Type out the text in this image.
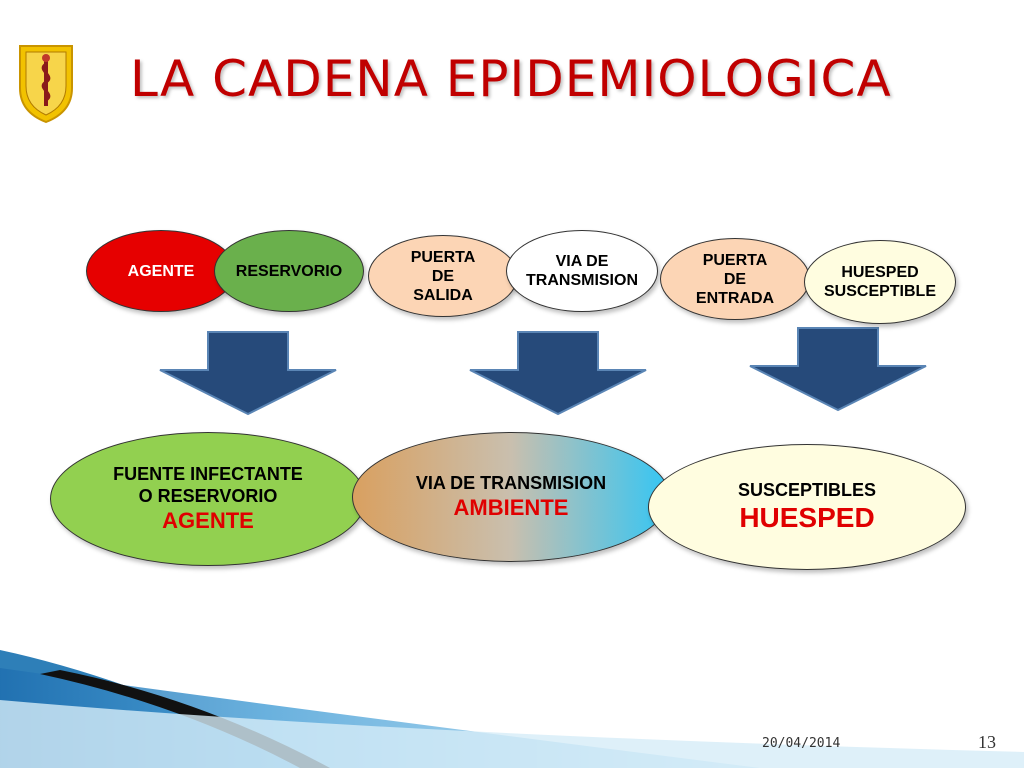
LA CADENA EPIDEMIOLOGICA
AGENTE	RESERVORIO
PUERTA
DE
SALIDA
VIA DE
TRANSMISION
PUERTA
DE
ENTRADA
HUESPED
SUSCEPTIBLE
FUENTE INFECTANTE
O RESERVORIO
AGENTE
VIA DE TRANSMISION
AMBIENTE
SUSCEPTIBLES
HUESPED
20/04/2014	13
